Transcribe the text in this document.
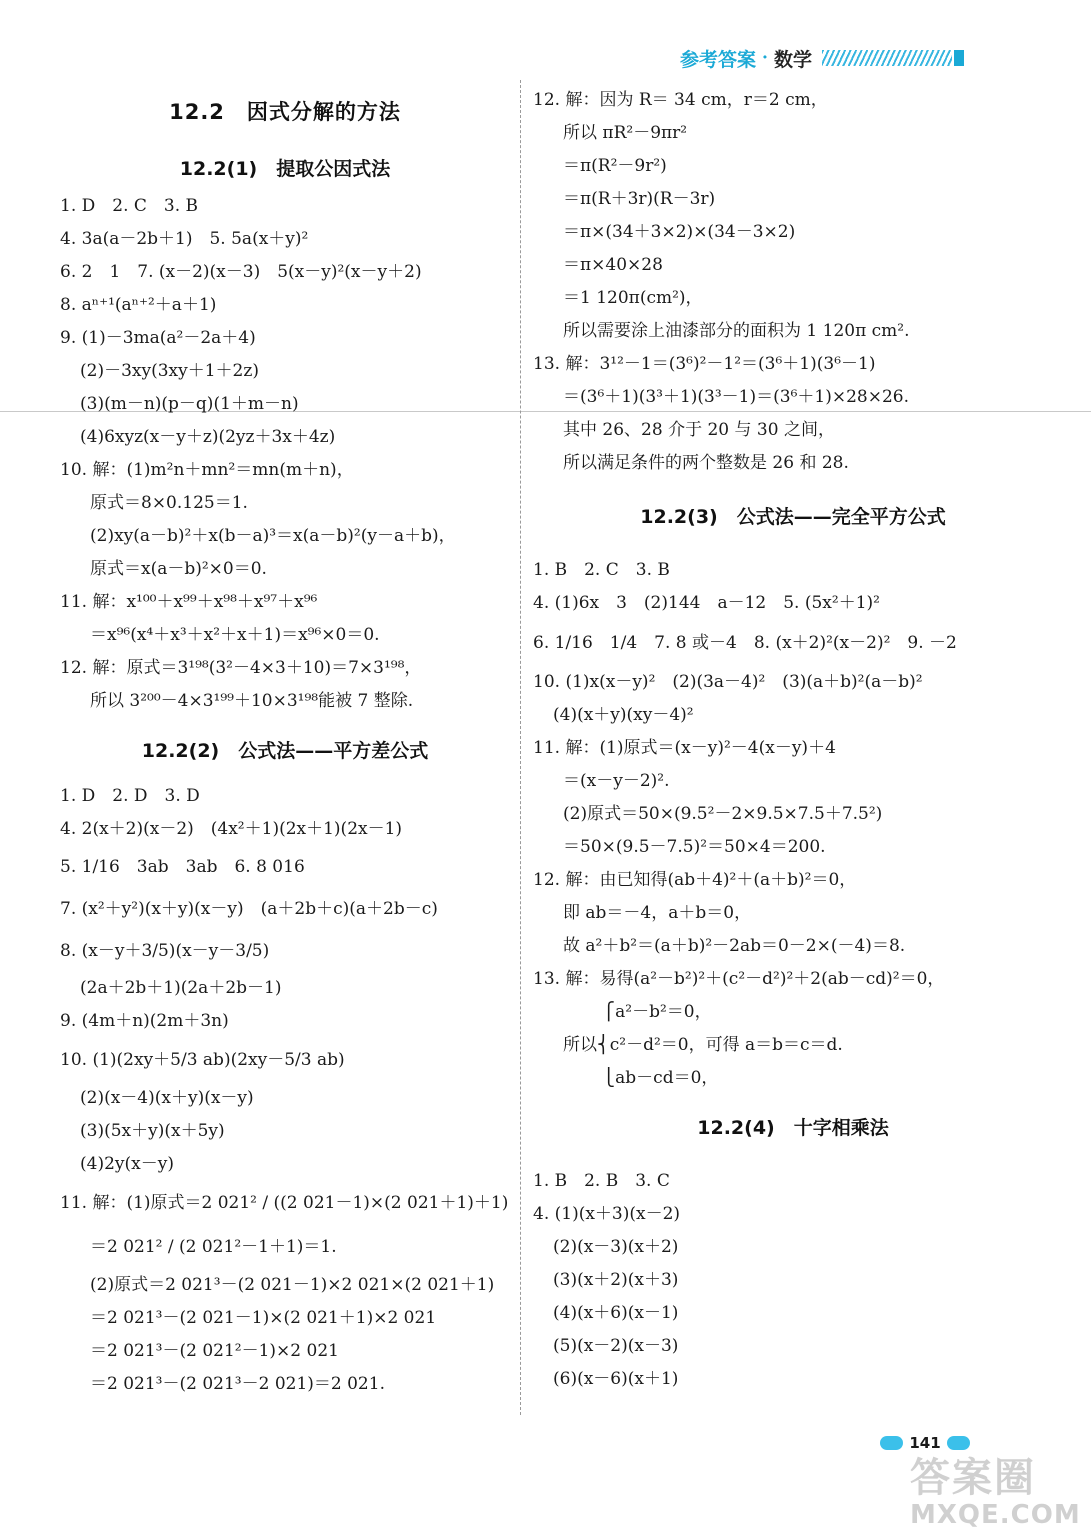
参考答案 · 数学
12.2　因式分解的方法
12.2(1)　提取公因式法
1. D　2. C　3. B
4. 3a(a－2b＋1)　5. 5a(x＋y)²
6. 2　1　7. (x－2)(x－3)　5(x－y)²(x－y＋2)
8. aⁿ⁺¹(aⁿ⁺²＋a＋1)
9. (1)－3ma(a²－2a＋4)
(2)－3xy(3xy＋1＋2z)
(3)(m－n)(p－q)(1＋m－n)
(4)6xyz(x－y＋z)(2yz＋3x＋4z)
10. 解：(1)m²n＋mn²＝mn(m＋n)，
原式＝8×0.125＝1.
(2)xy(a－b)²＋x(b－a)³＝x(a－b)²(y－a＋b)，
原式＝x(a－b)²×0＝0.
11. 解：x¹⁰⁰＋x⁹⁹＋x⁹⁸＋x⁹⁷＋x⁹⁶
＝x⁹⁶(x⁴＋x³＋x²＋x＋1)＝x⁹⁶×0＝0.
12. 解：原式＝3¹⁹⁸(3²－4×3＋10)＝7×3¹⁹⁸，
所以 3²⁰⁰－4×3¹⁹⁹＋10×3¹⁹⁸能被 7 整除.
12.2(2)　公式法——平方差公式
1. D　2. D　3. D
4. 2(x＋2)(x－2)　(4x²＋1)(2x＋1)(2x－1)
5. 1/16　3ab　3ab　6. 8 016
7. (x²＋y²)(x＋y)(x－y)　(a＋2b＋c)(a＋2b－c)
8. (x－y＋3/5)(x－y－3/5)
(2a＋2b＋1)(2a＋2b－1)
9. (4m＋n)(2m＋3n)
10. (1)(2xy＋5/3 ab)(2xy－5/3 ab)
(2)(x－4)(x＋y)(x－y)
(3)(5x＋y)(x＋5y)
(4)2y(x－y)
11. 解：(1)原式＝2 021² / ((2 021－1)×(2 021＋1)＋1)
＝2 021² / (2 021²－1＋1)＝1.
(2)原式＝2 021³－(2 021－1)×2 021×(2 021＋1)
＝2 021³－(2 021－1)×(2 021＋1)×2 021
＝2 021³－(2 021²－1)×2 021
＝2 021³－(2 021³－2 021)＝2 021.
12. 解：因为 R＝ 34 cm，r＝2 cm，
所以 πR²－9πr²
＝π(R²－9r²)
＝π(R＋3r)(R－3r)
＝π×(34＋3×2)×(34－3×2)
＝π×40×28
＝1 120π(cm²)，
所以需要涂上油漆部分的面积为 1 120π cm².
13. 解：3¹²－1＝(3⁶)²－1²＝(3⁶＋1)(3⁶－1)
＝(3⁶＋1)(3³＋1)(3³－1)＝(3⁶＋1)×28×26.
其中 26、28 介于 20 与 30 之间，
所以满足条件的两个整数是 26 和 28.
12.2(3)　公式法——完全平方公式
1. B　2. C　3. B
4. (1)6x　3　(2)144　a－12　5. (5x²＋1)²
6. 1/16　1/4　7. 8 或－4　8. (x＋2)²(x－2)²　9. －2
10. (1)x(x－y)²　(2)(3a－4)²　(3)(a＋b)²(a－b)²
(4)(x＋y)(xy－4)²
11. 解：(1)原式＝(x－y)²－4(x－y)＋4
＝(x－y－2)².
(2)原式＝50×(9.5²－2×9.5×7.5＋7.5²)
＝50×(9.5－7.5)²＝50×4＝200.
12. 解：由已知得(ab＋4)²＋(a＋b)²＝0，
即 ab＝－4，a＋b＝0，
故 a²＋b²＝(a＋b)²－2ab＝0－2×(－4)＝8.
13. 解：易得(a²－b²)²＋(c²－d²)²＋2(ab－cd)²＝0，
　　 ⎧a²－b²＝0，
所以⎨c²－d²＝0，可得 a＝b＝c＝d.
　　 ⎩ab－cd＝0，
12.2(4)　十字相乘法
1. B　2. B　3. C
4. (1)(x＋3)(x－2)
(2)(x－3)(x＋2)
(3)(x＋2)(x＋3)
(4)(x＋6)(x－1)
(5)(x－2)(x－3)
(6)(x－6)(x＋1)
141
答案圈
MXQE.COM
